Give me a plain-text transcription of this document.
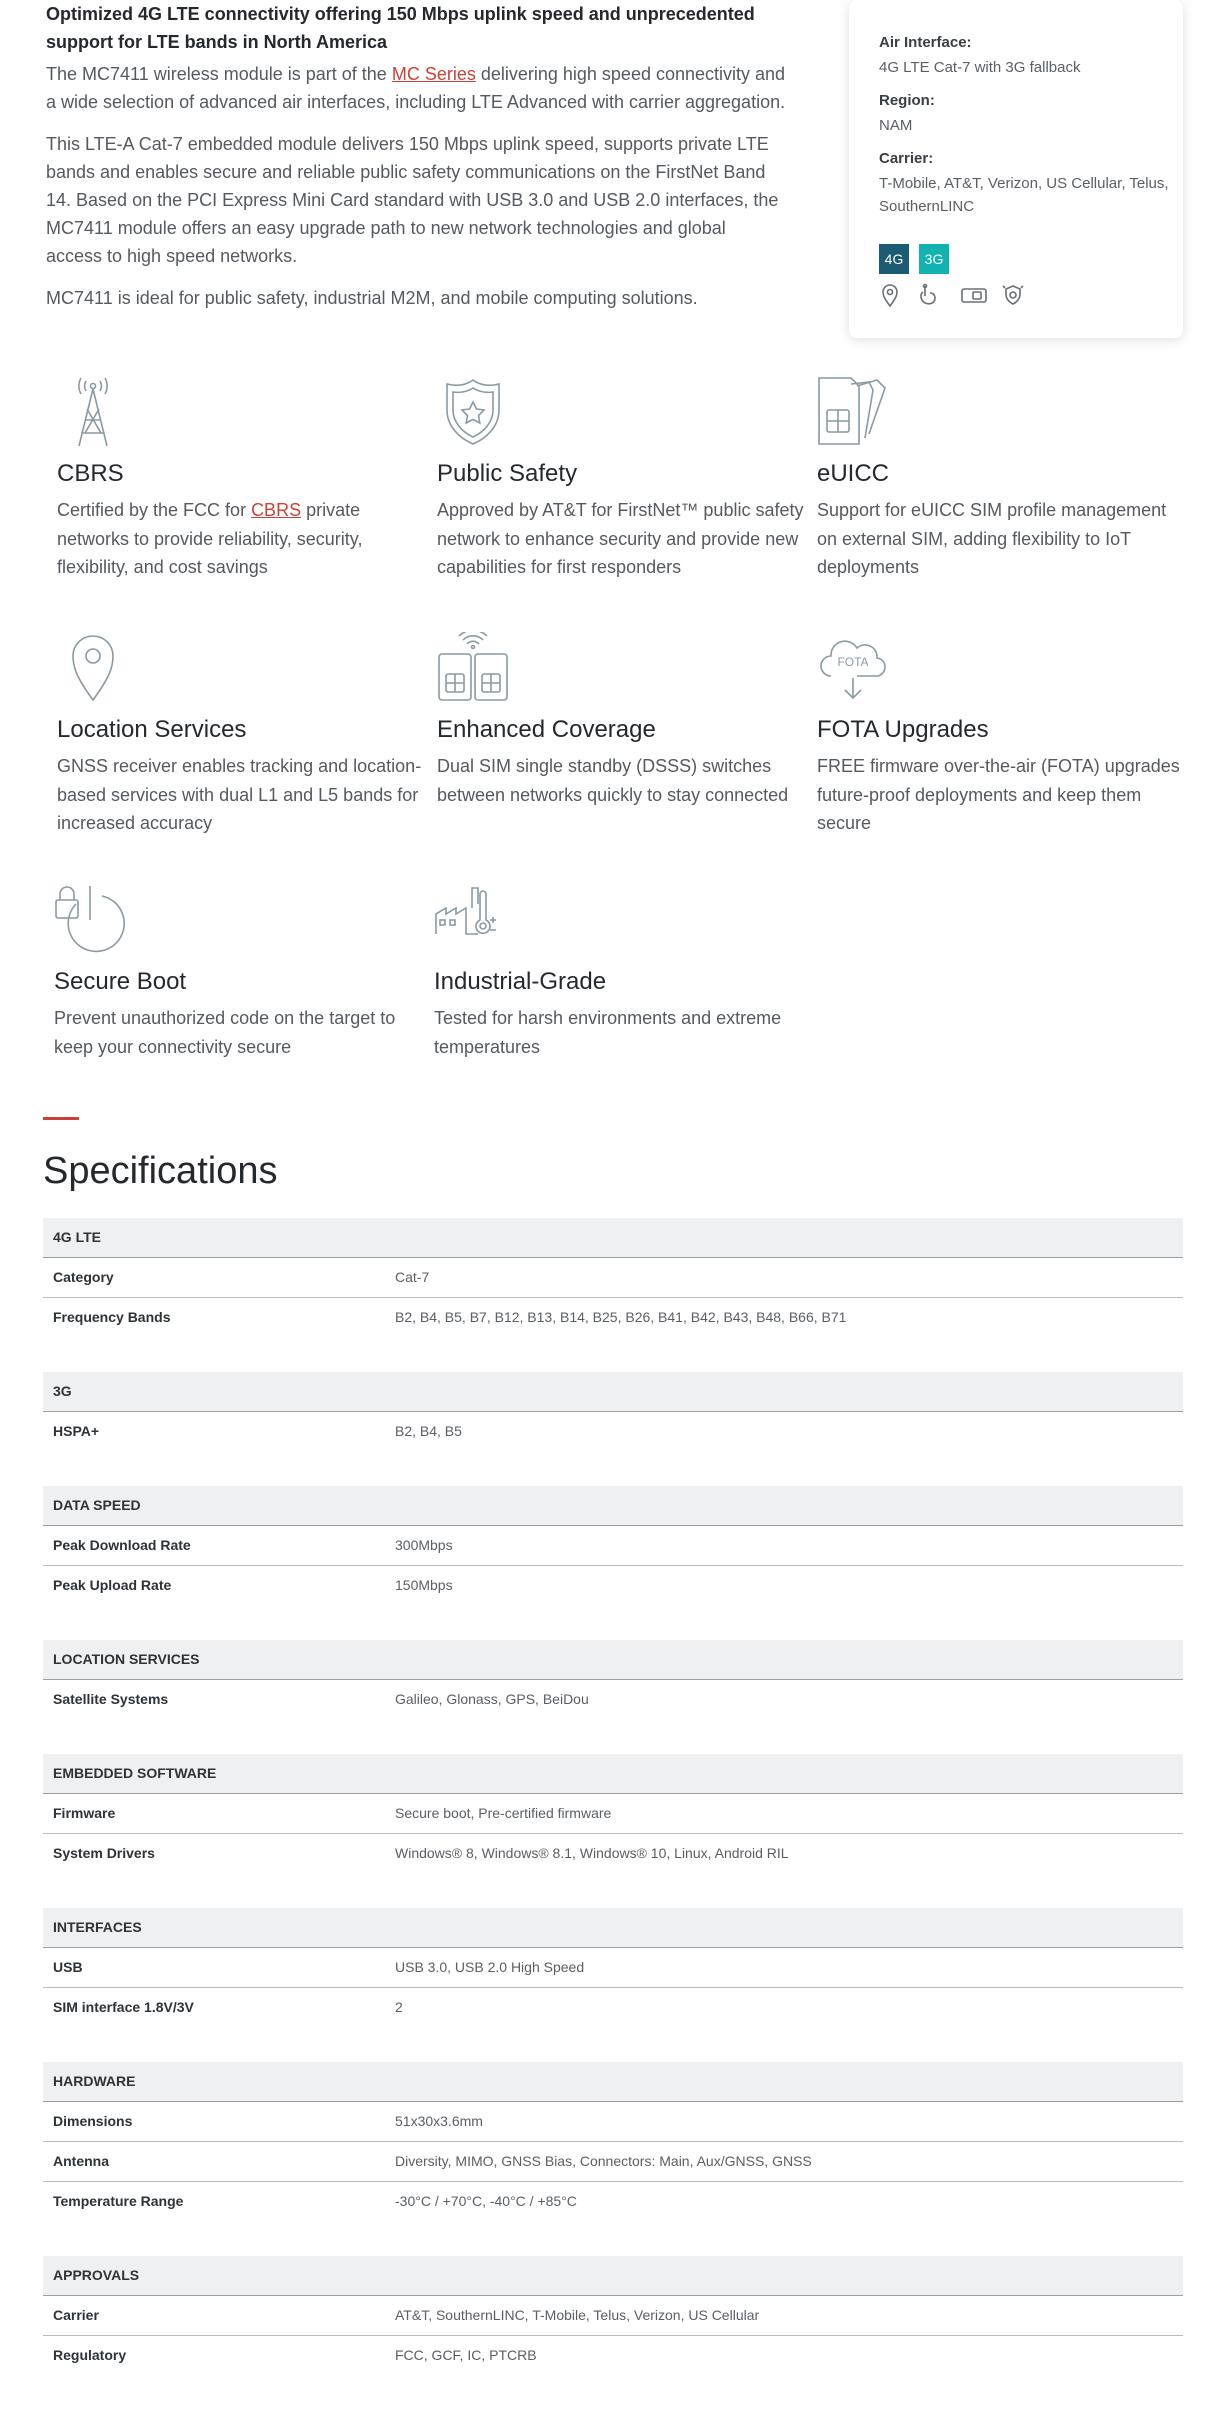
Optimized 4G LTE connectivity offering 150 Mbps uplink speed and unprecedented support for LTE bands in North America

The MC7411 wireless module is part of the MC Series delivering high speed connectivity and a wide selection of advanced air interfaces, including LTE Advanced with carrier aggregation.

This LTE-A Cat-7 embedded module delivers 150 Mbps uplink speed, supports private LTE bands and enables secure and reliable public safety communications on the FirstNet Band 14. Based on the PCI Express Mini Card standard with USB 3.0 and USB 2.0 interfaces, the MC7411 module offers an easy upgrade path to new network technologies and global access to high speed networks.

MC7411 is ideal for public safety, industrial M2M, and mobile computing solutions.

Air Interface:
4G LTE Cat-7 with 3G fallback
Region:
NAM
Carrier:
T-Mobile, AT&T, Verizon, US Cellular, Telus, SouthernLINC
4G	3G
CBRS

Certified by the FCC for CBRS private networks to provide reliability, security, flexibility, and cost savings

Public Safety

Approved by AT&T for FirstNet™ public safety network to enhance security and provide new capabilities for first responders

eUICC

Support for eUICC SIM profile management on external SIM, adding flexibility to IoT deployments

Location Services

GNSS receiver enables tracking and location-based services with dual L1 and L5 bands for increased accuracy

Enhanced Coverage

Dual SIM single standby (DSSS) switches between networks quickly to stay connected

FOTA
FOTA Upgrades

FREE firmware over-the-air (FOTA) upgrades future-proof deployments and keep them secure

Secure Boot

Prevent unauthorized code on the target to keep your connectivity secure

Industrial-Grade

Tested for harsh environments and extreme temperatures

Specifications
4G LTE
Category	Cat-7
Frequency Bands	B2, B4, B5, B7, B12, B13, B14, B25, B26, B41, B42, B43, B48, B66, B71
3G
HSPA+	B2, B4, B5
DATA SPEED
Peak Download Rate	300Mbps
Peak Upload Rate	150Mbps
LOCATION SERVICES
Satellite Systems	Galileo, Glonass, GPS, BeiDou
EMBEDDED SOFTWARE
Firmware	Secure boot, Pre-certified firmware
System Drivers	Windows® 8, Windows® 8.1, Windows® 10, Linux, Android RIL
INTERFACES
USB	USB 3.0, USB 2.0 High Speed
SIM interface 1.8V/3V	2
HARDWARE
Dimensions	51x30x3.6mm
Antenna	Diversity, MIMO, GNSS Bias, Connectors: Main, Aux/GNSS, GNSS
Temperature Range	-30°C / +70°C, -40°C / +85°C
APPROVALS
Carrier	AT&T, SouthernLINC, T-Mobile, Telus, Verizon, US Cellular
Regulatory	FCC, GCF, IC, PTCRB
